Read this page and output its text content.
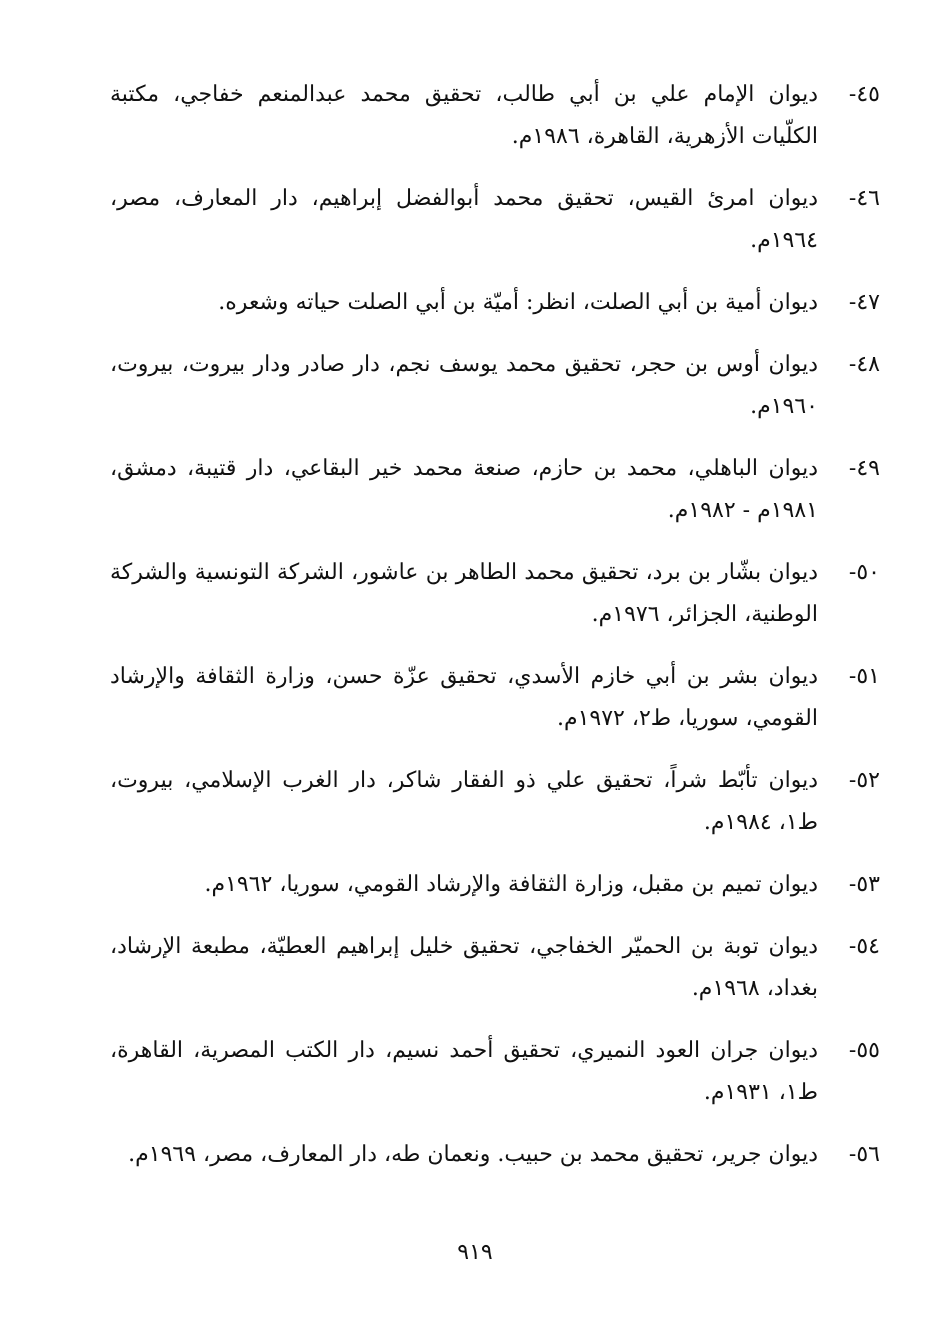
٤٥-
ديوان الإمام علي بن أبي طالب، تحقيق محمد عبدالمنعم خفاجي، مكتبة الكلّيات الأزهرية، القاهرة، ١٩٨٦م.
٤٦-
ديوان امرئ القيس، تحقيق محمد أبوالفضل إبراهيم، دار المعارف، مصر، ١٩٦٤م.
٤٧-
ديوان أمية بن أبي الصلت، انظر: أميّة بن أبي الصلت حياته وشعره.
٤٨-
ديوان أوس بن حجر، تحقيق محمد يوسف نجم، دار صادر ودار بيروت، بيروت، ١٩٦٠م.
٤٩-
ديوان الباهلي، محمد بن حازم، صنعة محمد خير البقاعي، دار قتيبة، دمشق، ١٩٨١م - ١٩٨٢م.
٥٠-
ديوان بشّار بن برد، تحقيق محمد الطاهر بن عاشور، الشركة التونسية والشركة الوطنية، الجزائر، ١٩٧٦م.
٥١-
ديوان بشر بن أبي خازم الأسدي، تحقيق عزّة حسن، وزارة الثقافة والإرشاد القومي، سوريا، ط٢، ١٩٧٢م.
٥٢-
ديوان تأبّط شراً، تحقيق علي ذو الفقار شاكر، دار الغرب الإسلامي، بيروت، ط١، ١٩٨٤م.
٥٣-
ديوان تميم بن مقبل، وزارة الثقافة والإرشاد القومي، سوريا، ١٩٦٢م.
٥٤-
ديوان توبة بن الحميّر الخفاجي، تحقيق خليل إبراهيم العطيّة، مطبعة الإرشاد، بغداد، ١٩٦٨م.
٥٥-
ديوان جران العود النميري، تحقيق أحمد نسيم، دار الكتب المصرية، القاهرة، ط١، ١٩٣١م.
٥٦-
ديوان جرير، تحقيق محمد بن حبيب. ونعمان طه، دار المعارف، مصر، ١٩٦٩م.
٩١٩
